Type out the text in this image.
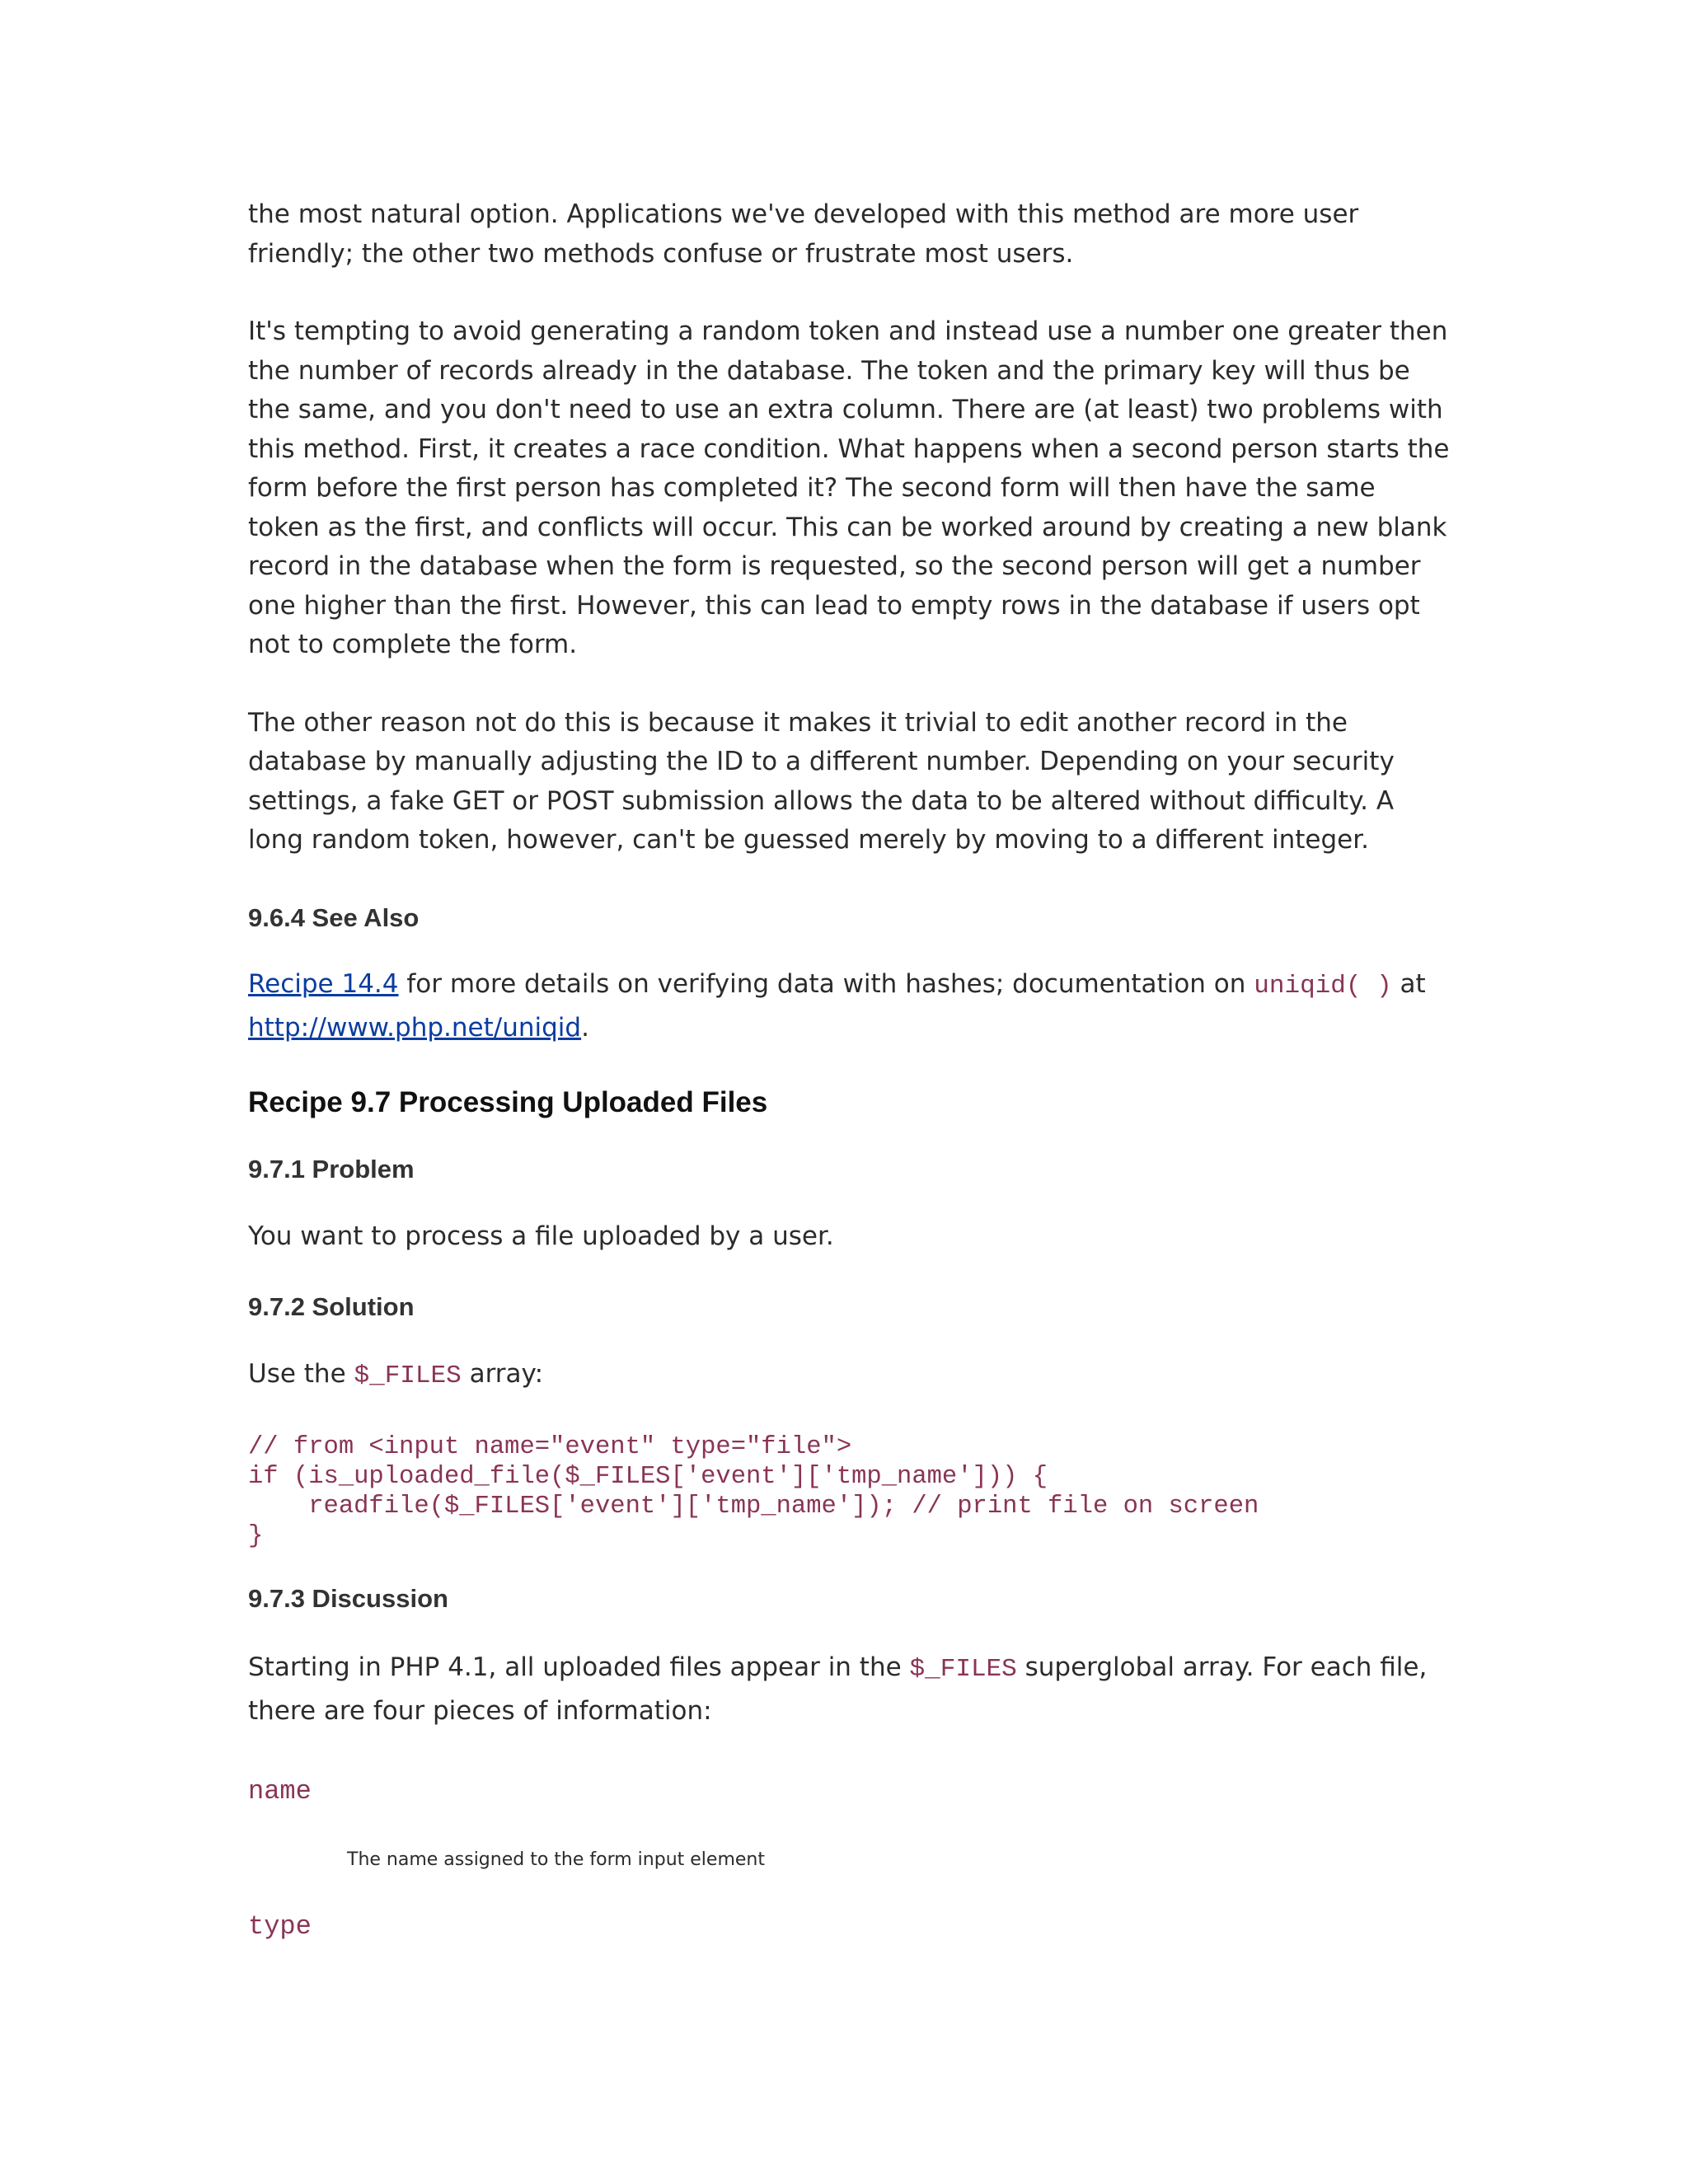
the most natural option. Applications we've developed with this method are more user friendly; the other two methods confuse or frustrate most users.

It's tempting to avoid generating a random token and instead use a number one greater then the number of records already in the database. The token and the primary key will thus be the same, and you don't need to use an extra column. There are (at least) two problems with this method. First, it creates a race condition. What happens when a second person starts the form before the first person has completed it? The second form will then have the same token as the first, and conflicts will occur. This can be worked around by creating a new blank record in the database when the form is requested, so the second person will get a number one higher than the first. However, this can lead to empty rows in the database if users opt not to complete the form.

The other reason not do this is because it makes it trivial to edit another record in the database by manually adjusting the ID to a different number. Depending on your security settings, a fake GET or POST submission allows the data to be altered without difficulty. A long random token, however, can't be guessed merely by moving to a different integer.

9.6.4 See Also

Recipe 14.4 for more details on verifying data with hashes; documentation on uniqid( ) at http://www.php.net/uniqid.

Recipe 9.7 Processing Uploaded Files
9.7.1 Problem

You want to process a file uploaded by a user.

9.7.2 Solution

Use the $_FILES array:

// from <input name="event" type="file">
if (is_uploaded_file($_FILES['event']['tmp_name'])) {
readfile($_FILES['event']['tmp_name']); // print file on screen
}
9.7.3 Discussion

Starting in PHP 4.1, all uploaded files appear in the $_FILES superglobal array. For each file, there are four pieces of information:

name
The name assigned to the form input element
type
